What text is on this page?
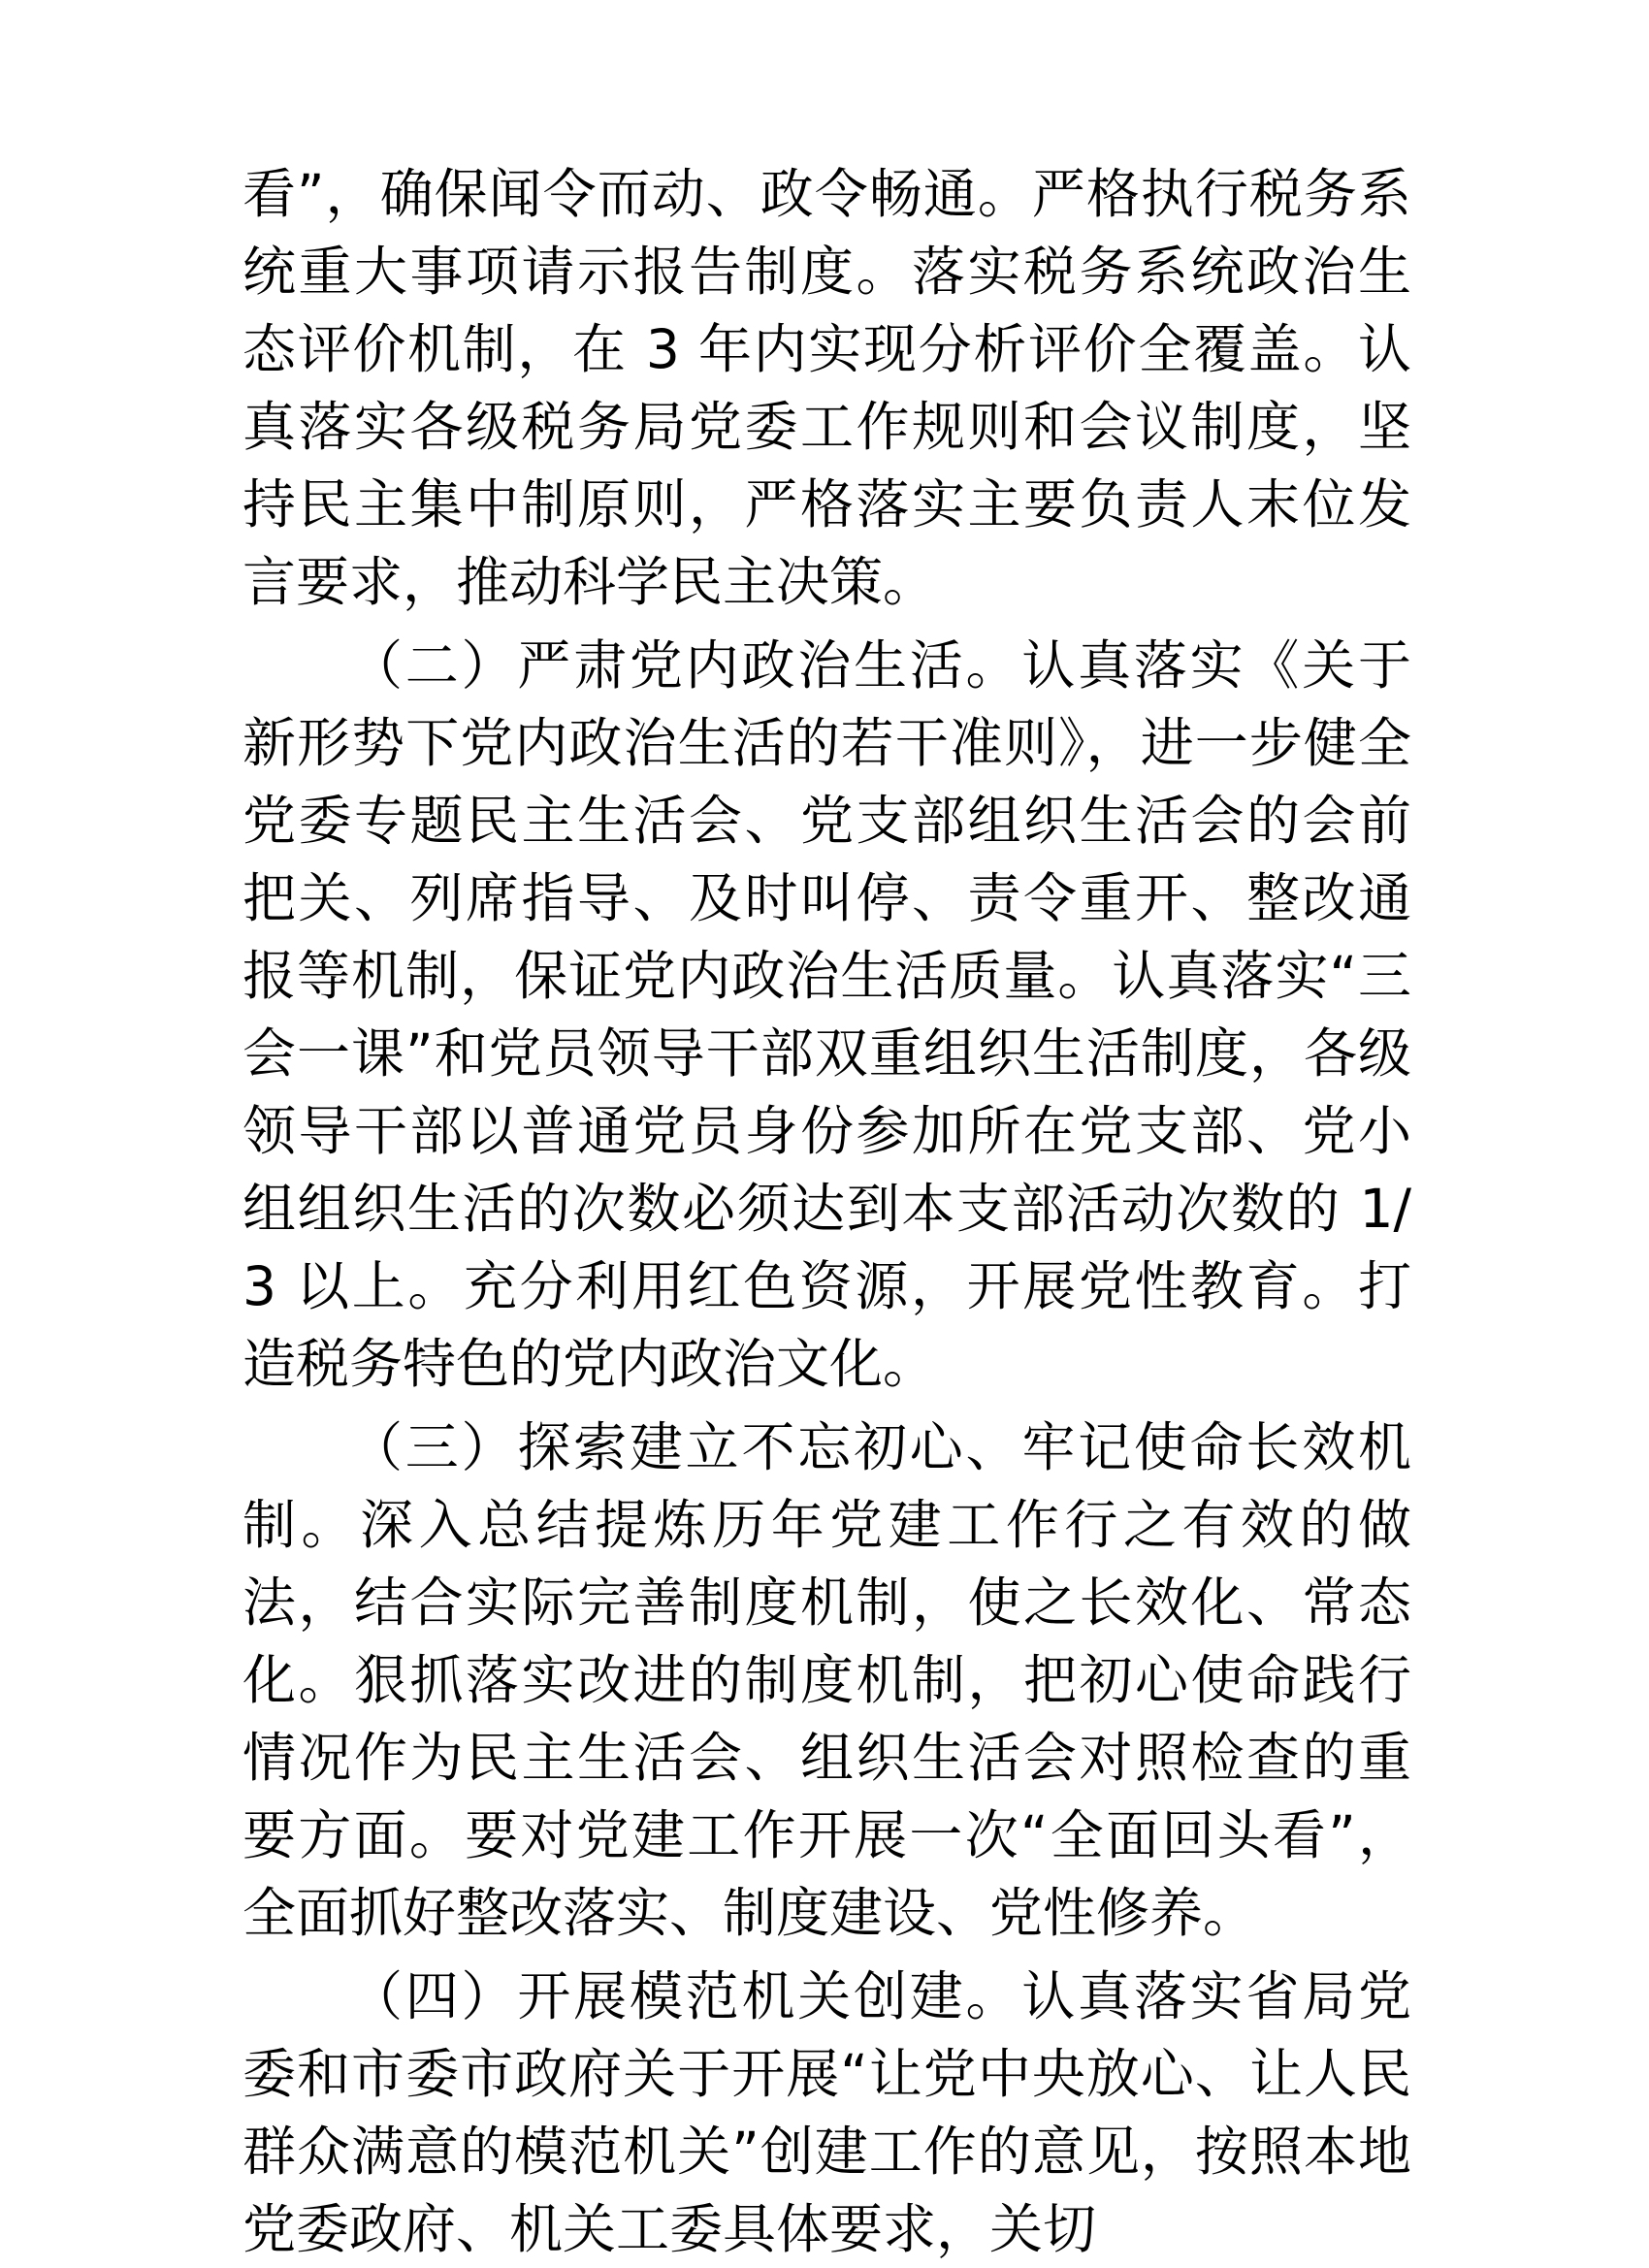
看”，确保闻令而动、政令畅通。严格执行税务系统重大事项请示报告制度。落实税务系统政治生态评价机制，在 3 年内实现分析评价全覆盖。认真落实各级税务局党委工作规则和会议制度，坚持民主集中制原则，严格落实主要负责人末位发言要求，推动科学民主决策。

（二）严肃党内政治生活。认真落实《关于新形势下党内政治生活的若干准则》，进一步健全党委专题民主生活会、党支部组织生活会的会前把关、列席指导、及时叫停、责令重开、整改通报等机制，保证党内政治生活质量。认真落实“三会一课”和党员领导干部双重组织生活制度，各级领导干部以普通党员身份参加所在党支部、党小组组织生活的次数必须达到本支部活动次数的 1/3 以上。充分利用红色资源，开展党性教育。打造税务特色的党内政治文化。

（三）探索建立不忘初心、牢记使命长效机制。深入总结提炼历年党建工作行之有效的做法，结合实际完善制度机制，使之长效化、常态化。狠抓落实改进的制度机制，把初心使命践行情况作为民主生活会、组织生活会对照检查的重要方面。要对党建工作开展一次“全面回头看”，全面抓好整改落实、制度建设、党性修养。

（四）开展模范机关创建。认真落实省局党委和市委市政府关于开展“让党中央放心、让人民群众满意的模范机关”创建工作的意见，按照本地党委政府、机关工委具体要求，关切
